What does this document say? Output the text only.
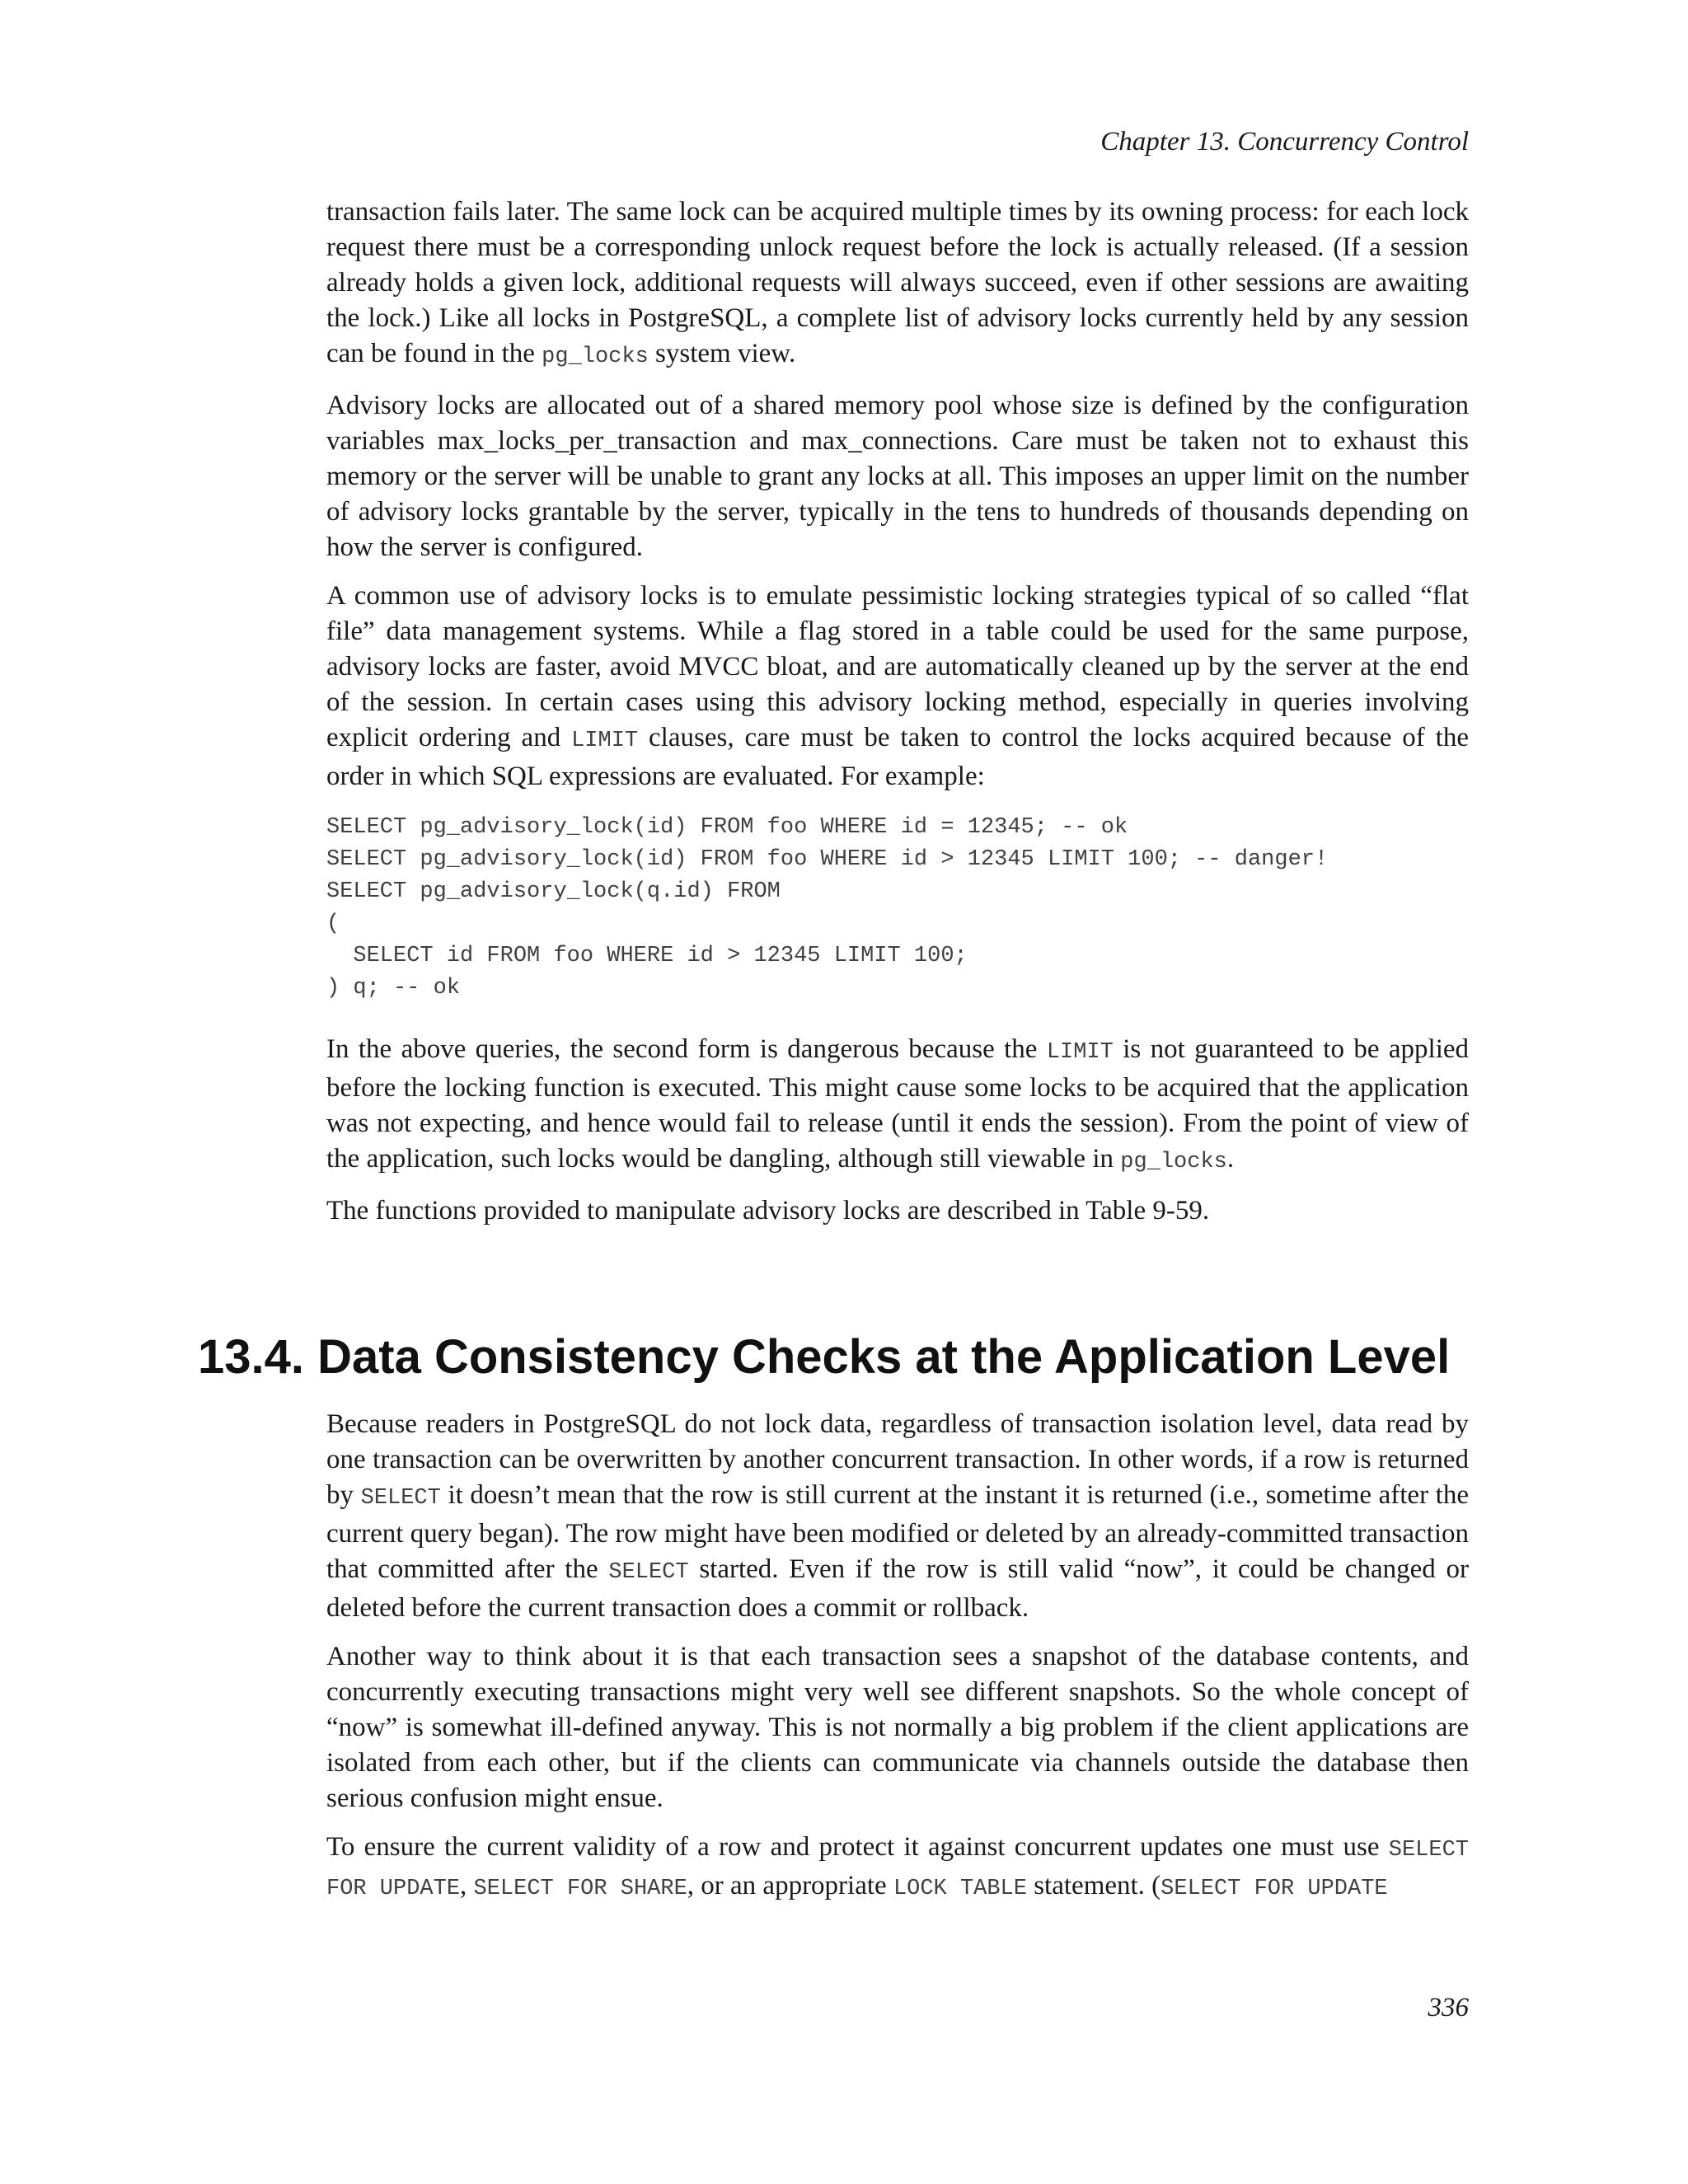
Chapter 13. Concurrency Control

transaction fails later. The same lock can be acquired multiple times by its owning process: for each lock request there must be a corresponding unlock request before the lock is actually released. (If a session already holds a given lock, additional requests will always succeed, even if other sessions are awaiting the lock.) Like all locks in PostgreSQL, a complete list of advisory locks currently held by any session can be found in the pg_locks system view.

Advisory locks are allocated out of a shared memory pool whose size is defined by the configuration variables max_locks_per_transaction and max_connections. Care must be taken not to exhaust this memory or the server will be unable to grant any locks at all. This imposes an upper limit on the number of advisory locks grantable by the server, typically in the tens to hundreds of thousands depending on how the server is configured.

A common use of advisory locks is to emulate pessimistic locking strategies typical of so called “flat file” data management systems. While a flag stored in a table could be used for the same purpose, advisory locks are faster, avoid MVCC bloat, and are automatically cleaned up by the server at the end of the session. In certain cases using this advisory locking method, especially in queries involving explicit ordering and LIMIT clauses, care must be taken to control the locks acquired because of the order in which SQL expressions are evaluated. For example:

SELECT pg_advisory_lock(id) FROM foo WHERE id = 12345; -- ok
SELECT pg_advisory_lock(id) FROM foo WHERE id > 12345 LIMIT 100; -- danger!
SELECT pg_advisory_lock(q.id) FROM
(
SELECT id FROM foo WHERE id > 12345 LIMIT 100;
) q; -- ok

In the above queries, the second form is dangerous because the LIMIT is not guaranteed to be applied before the locking function is executed. This might cause some locks to be acquired that the application was not expecting, and hence would fail to release (until it ends the session). From the point of view of the application, such locks would be dangling, although still viewable in pg_locks.

The functions provided to manipulate advisory locks are described in Table 9-59.

13.4. Data Consistency Checks at the Application Level

Because readers in PostgreSQL do not lock data, regardless of transaction isolation level, data read by one transaction can be overwritten by another concurrent transaction. In other words, if a row is returned by SELECT it doesn’t mean that the row is still current at the instant it is returned (i.e., sometime after the current query began). The row might have been modified or deleted by an already-committed transaction that committed after the SELECT started. Even if the row is still valid “now”, it could be changed or deleted before the current transaction does a commit or rollback.

Another way to think about it is that each transaction sees a snapshot of the database contents, and concurrently executing transactions might very well see different snapshots. So the whole concept of “now” is somewhat ill-defined anyway. This is not normally a big problem if the client applications are isolated from each other, but if the clients can communicate via channels outside the database then serious confusion might ensue.

To ensure the current validity of a row and protect it against concurrent updates one must use SELECT FOR UPDATE, SELECT FOR SHARE, or an appropriate LOCK TABLE statement. (SELECT FOR UPDATE

336
